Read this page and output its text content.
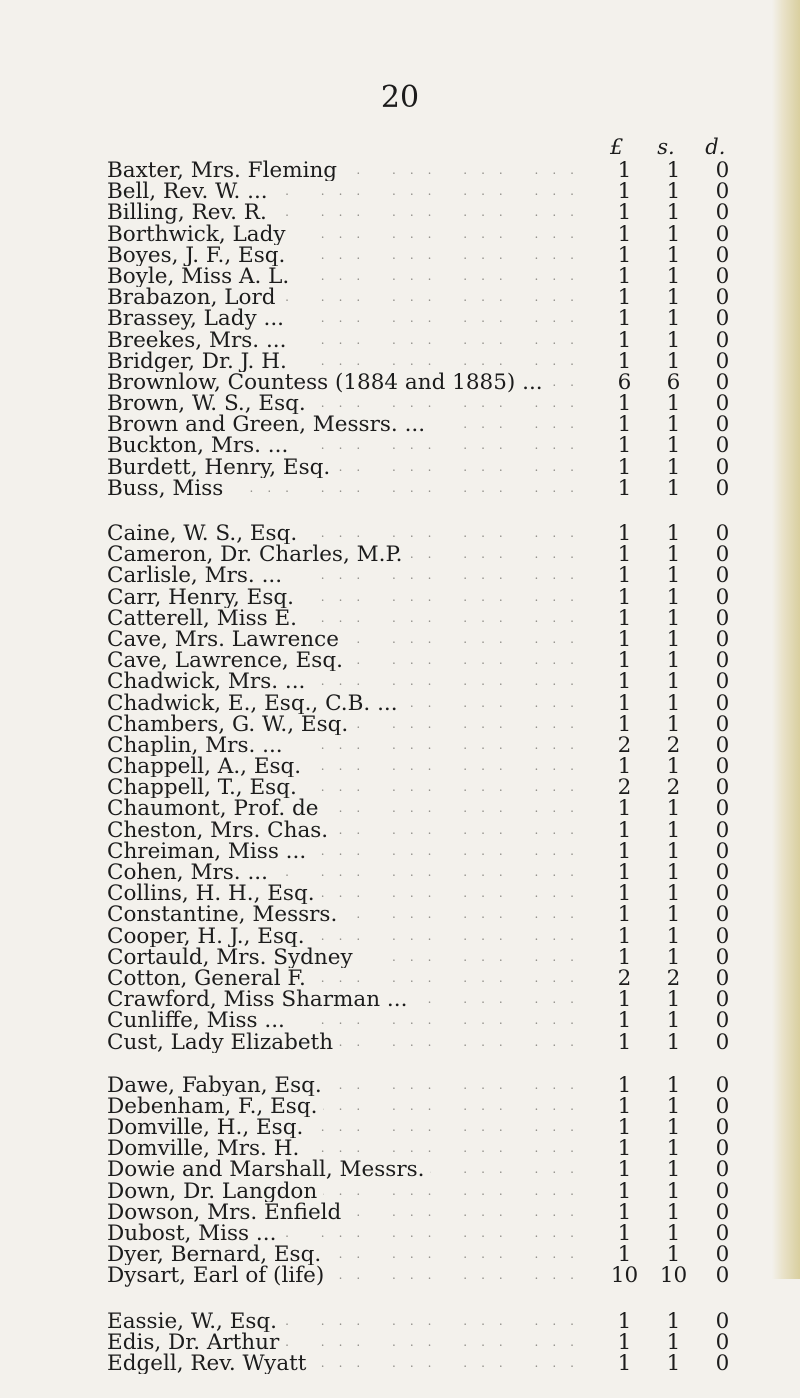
20
£	s.	d.
Baxter, Mrs. Fleming ... .	1	1	0
Bell, Rev. W. ... ... .	1	1	0
Billing, Rev. R. ... .	1	1	0
Borthwick, Lady ... .	1	1	0
Boyes, J. F., Esq. ... .	1	1	0
Boyle, Miss A. L. ... .	1	1	0
Brabazon, Lord ... .	1	1	0
Brassey, Lady ... ... .	1	1	0
Breekes, Mrs. ... ... .	1	1	0
Bridger, Dr. J. H. ... .	1	1	0
Brownlow, Countess (1884 and 1885) ... ... .	6	6	0
Brown, W. S., Esq. ... .	1	1	0
Brown and Green, Messrs. ... ... .	1	1	0
Buckton, Mrs. ... ... .	1	1	0
Burdett, Henry, Esq. ... .	1	1	0
Buss, Miss ... .	1	1	0
Caine, W. S., Esq. ... .	1	1	0
Cameron, Dr. Charles, M.P. ... .	1	1	0
Carlisle, Mrs. ... ... .	1	1	0
Carr, Henry, Esq. ... .	1	1	0
Catterell, Miss E. ... .	1	1	0
Cave, Mrs. Lawrence ... .	1	1	0
Cave, Lawrence, Esq. ... .	1	1	0
Chadwick, Mrs. ... ... .	1	1	0
Chadwick, E., Esq., C.B. ... ... .	1	1	0
Chambers, G. W., Esq. ... .	1	1	0
Chaplin, Mrs. ... ... .	2	2	0
Chappell, A., Esq. ... .	1	1	0
Chappell, T., Esq. ... .	2	2	0
Chaumont, Prof. de ... .	1	1	0
Cheston, Mrs. Chas. ... .	1	1	0
Chreiman, Miss ... ... .	1	1	0
Cohen, Mrs. ... ... .	1	1	0
Collins, H. H., Esq. ... .	1	1	0
Constantine, Messrs. ... .	1	1	0
Cooper, H. J., Esq. ... .	1	1	0
Cortauld, Mrs. Sydney ... .	1	1	0
Cotton, General F. ... .	2	2	0
Crawford, Miss Sharman ... ... .	1	1	0
Cunliffe, Miss ... ... .	1	1	0
Cust, Lady Elizabeth ... .	1	1	0
Dawe, Fabyan, Esq. ... .	1	1	0
Debenham, F., Esq. ... .	1	1	0
Domville, H., Esq. ... .	1	1	0
Domville, Mrs. H. ... .	1	1	0
Dowie and Marshall, Messrs. ... .	1	1	0
Down, Dr. Langdon ... .	1	1	0
Dowson, Mrs. Enfield ... .	1	1	0
Dubost, Miss ... ... .	1	1	0
Dyer, Bernard, Esq. ... .	1	1	0
Dysart, Earl of (life) ... .	10	10	0
Eassie, W., Esq. ... .	1	1	0
Edis, Dr. Arthur ... .	1	1	0
Edgell, Rev. Wyatt ... .	1	1	0
